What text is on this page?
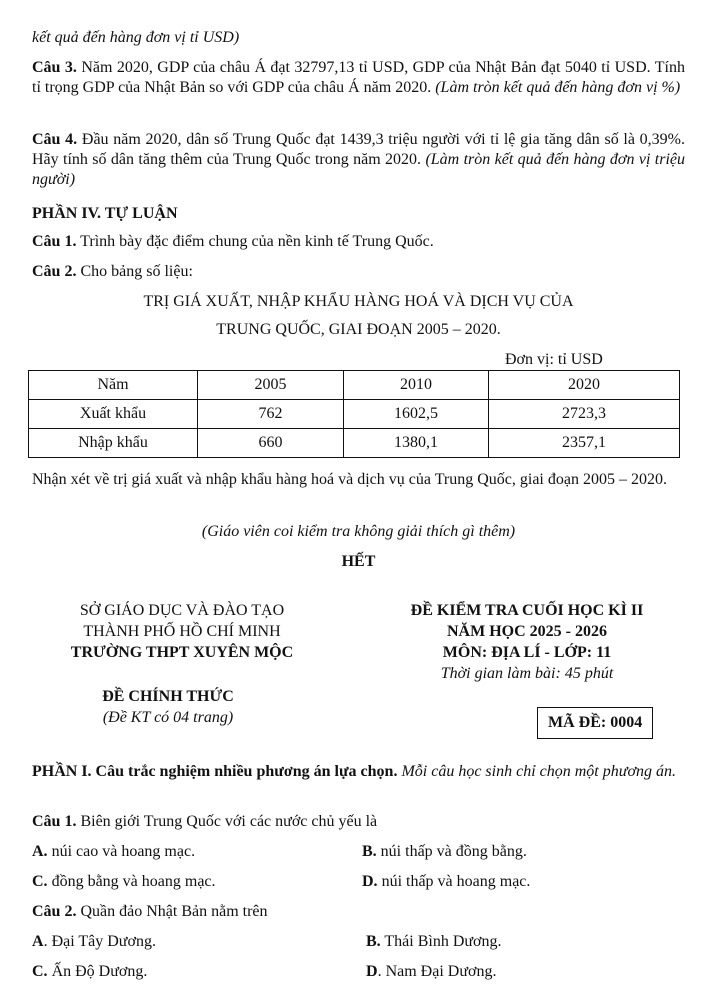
kết quả đến hàng đơn vị tỉ USD)

Câu 3. Năm 2020, GDP của châu Á đạt 32797,13 tỉ USD, GDP của Nhật Bản đạt 5040 tỉ USD. Tính tỉ trọng GDP của Nhật Bản so với GDP của châu Á năm 2020. (Làm tròn kết quả đến hàng đơn vị %)

Câu 4. Đầu năm 2020, dân số Trung Quốc đạt 1439,3 triệu người với tỉ lệ gia tăng dân số là 0,39%. Hãy tính số dân tăng thêm của Trung Quốc trong năm 2020. (Làm tròn kết quả đến hàng đơn vị triệu người)

PHẦN IV. TỰ LUẬN

Câu 1. Trình bày đặc điểm chung của nền kinh tế Trung Quốc.

Câu 2. Cho bảng số liệu:

TRỊ GIÁ XUẤT, NHẬP KHẨU HÀNG HOÁ VÀ DỊCH VỤ CỦA

TRUNG QUỐC, GIAI ĐOẠN 2005 – 2020.

Đơn vị: tỉ USD

Năm	2005	2010	2020
Xuất khẩu	762	1602,5	2723,3
Nhập khẩu	660	1380,1	2357,1

Nhận xét về trị giá xuất và nhập khẩu hàng hoá và dịch vụ của Trung Quốc, giai đoạn 2005 – 2020.

(Giáo viên coi kiểm tra không giải thích gì thêm)

HẾT

SỞ GIÁO DỤC VÀ ĐÀO TẠO
THÀNH PHỐ HỒ CHÍ MINH
TRƯỜNG THPT XUYÊN MỘC
ĐỀ KIỂM TRA CUỐI HỌC KÌ II
NĂM HỌC 2025 - 2026
MÔN: ĐỊA LÍ - LỚP: 11
Thời gian làm bài: 45 phút
ĐỀ CHÍNH THỨC
(Đề KT có 04 trang)	MÃ ĐỀ: 0004

PHẦN I. Câu trắc nghiệm nhiều phương án lựa chọn. Mỗi câu học sinh chỉ chọn một phương án.

Câu 1. Biên giới Trung Quốc với các nước chủ yếu là

A. núi cao và hoang mạc.	B. núi thấp và đồng bằng.
C. đồng bằng và hoang mạc.	D. núi thấp và hoang mạc.

Câu 2. Quần đảo Nhật Bản nằm trên

A. Đại Tây Dương.	B. Thái Bình Dương.
C. Ấn Độ Dương.	D. Nam Đại Dương.
